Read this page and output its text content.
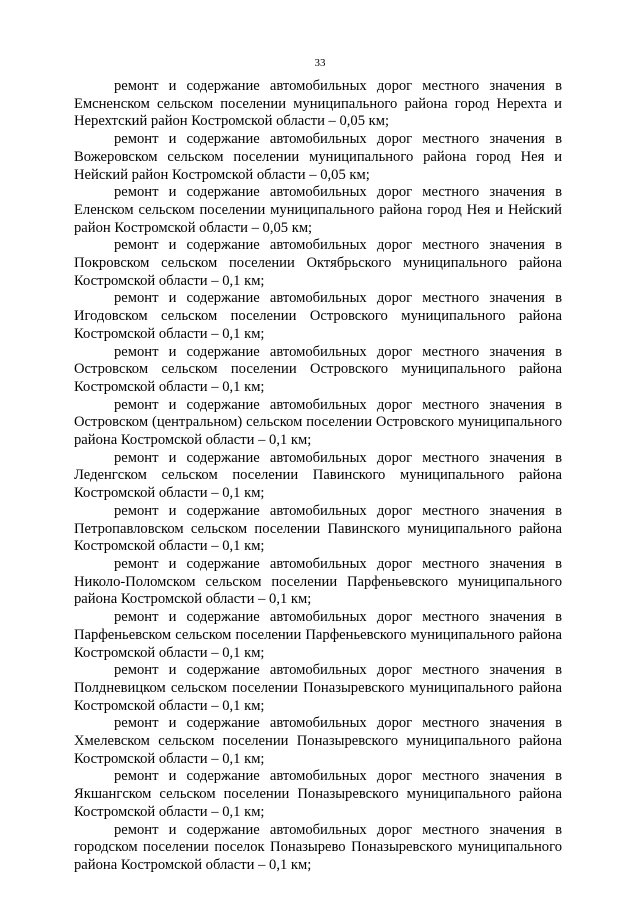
33

ремонт и содержание автомобильных дорог местного значения в Емсненском сельском поселении муниципального района город Нерехта и Нерехтский район Костромской области – 0,05 км;

ремонт и содержание автомобильных дорог местного значения в Вожеровском сельском поселении муниципального района город Нея и Нейский район Костромской области – 0,05 км;

ремонт и содержание автомобильных дорог местного значения в Еленском сельском поселении муниципального района город Нея и Нейский район Костромской области – 0,05 км;

ремонт и содержание автомобильных дорог местного значения в Покровском сельском поселении Октябрьского муниципального района Костромской области – 0,1 км;

ремонт и содержание автомобильных дорог местного значения в Игодовском сельском поселении Островского муниципального района Костромской области – 0,1 км;

ремонт и содержание автомобильных дорог местного значения в Островском сельском поселении Островского муниципального района Костромской области – 0,1 км;

ремонт и содержание автомобильных дорог местного значения в Островском (центральном) сельском поселении Островского муниципального района Костромской области – 0,1 км;

ремонт и содержание автомобильных дорог местного значения в Леденгском сельском поселении Павинского муниципального района Костромской области – 0,1 км;

ремонт и содержание автомобильных дорог местного значения в Петропавловском сельском поселении Павинского муниципального района Костромской области – 0,1 км;

ремонт и содержание автомобильных дорог местного значения в Николо-Поломском сельском поселении Парфеньевского муниципального района Костромской области – 0,1 км;

ремонт и содержание автомобильных дорог местного значения в Парфеньевском сельском поселении Парфеньевского муниципального района Костромской области – 0,1 км;

ремонт и содержание автомобильных дорог местного значения в Полдневицком сельском поселении Поназыревского муниципального района Костромской области – 0,1 км;

ремонт и содержание автомобильных дорог местного значения в Хмелевском сельском поселении Поназыревского муниципального района Костромской области – 0,1 км;

ремонт и содержание автомобильных дорог местного значения в Якшангском сельском поселении Поназыревского муниципального района Костромской области – 0,1 км;

ремонт и содержание автомобильных дорог местного значения в городском поселении поселок Поназырево Поназыревского муниципального района Костромской области – 0,1 км;
